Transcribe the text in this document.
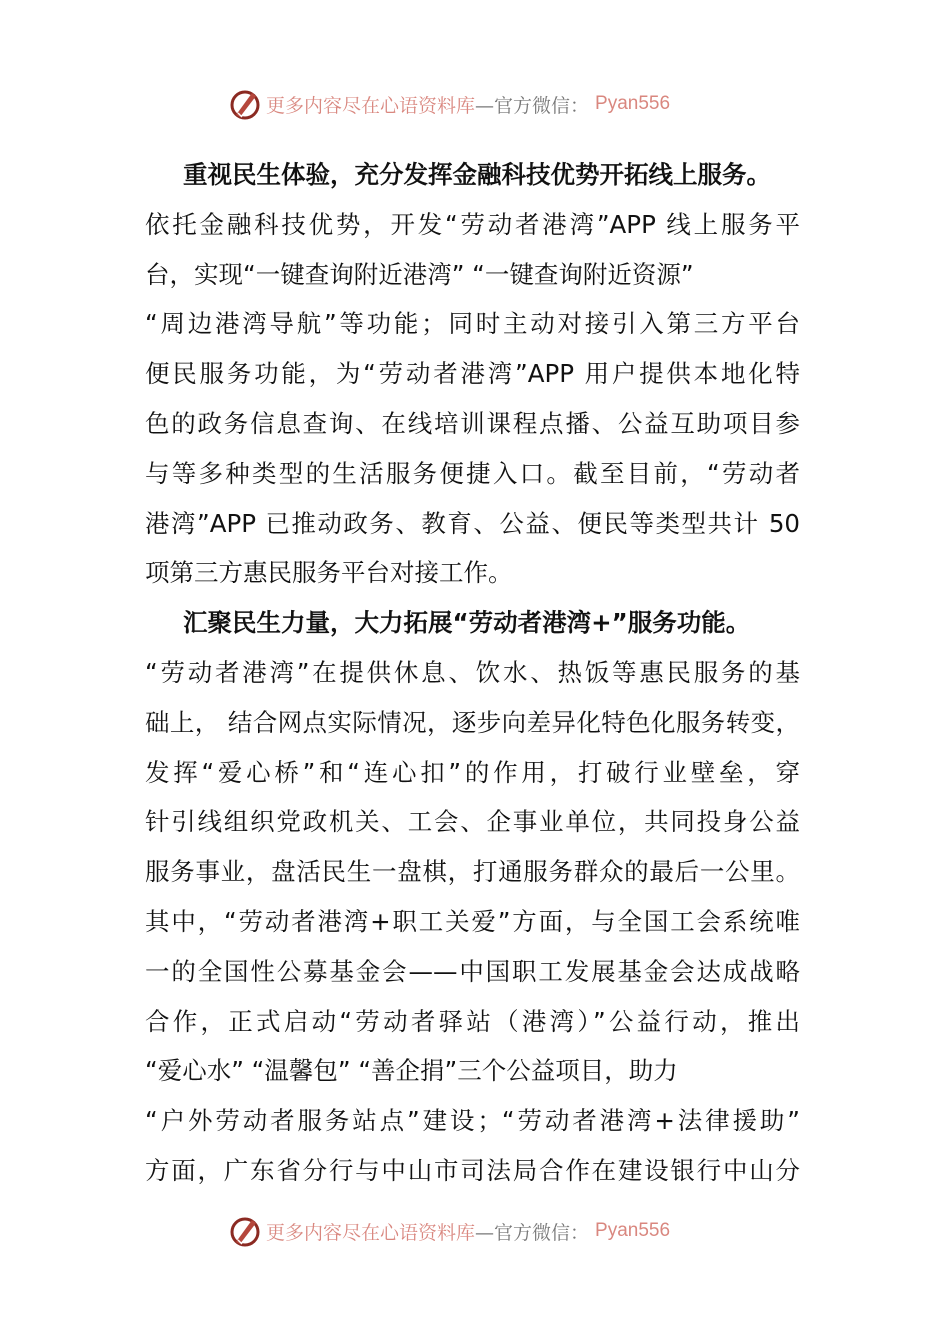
更多内容尽在心语资料库 —官方微信： Pyan556
重视民生体验，充分发挥金融科技优势开拓线上服务。
依托金融科技优势，开发“劳动者港湾”APP 线上服务平
台，实现“一键查询附近港湾” “一键查询附近资源”
“周边港湾导航”等功能；同时主动对接引入第三方平台
便民服务功能，为“劳动者港湾”APP 用户提供本地化特
色的政务信息查询、在线培训课程点播、公益互助项目参
与等多种类型的生活服务便捷入口。截至目前，“劳动者
港湾”APP 已推动政务、教育、公益、便民等类型共计 50
项第三方惠民服务平台对接工作。
汇聚民生力量，大力拓展“劳动者港湾+”服务功能。
“劳动者港湾”在提供休息、饮水、热饭等惠民服务的基
础上， 结合网点实际情况，逐步向差异化特色化服务转变，
发挥“爱心桥”和“连心扣”的作用，打破行业壁垒，穿
针引线组织党政机关、工会、企事业单位，共同投身公益
服务事业，盘活民生一盘棋，打通服务群众的最后一公里。
其中，“劳动者港湾+职工关爱”方面，与全国工会系统唯
一的全国性公募基金会——中国职工发展基金会达成战略
合作，正式启动“劳动者驿站（港湾）”公益行动，推出
“爱心水” “温馨包” “善企捐”三个公益项目，助力
“户外劳动者服务站点”建设；“劳动者港湾+法律援助”
方面，广东省分行与中山市司法局合作在建设银行中山分
更多内容尽在心语资料库 —官方微信： Pyan556
